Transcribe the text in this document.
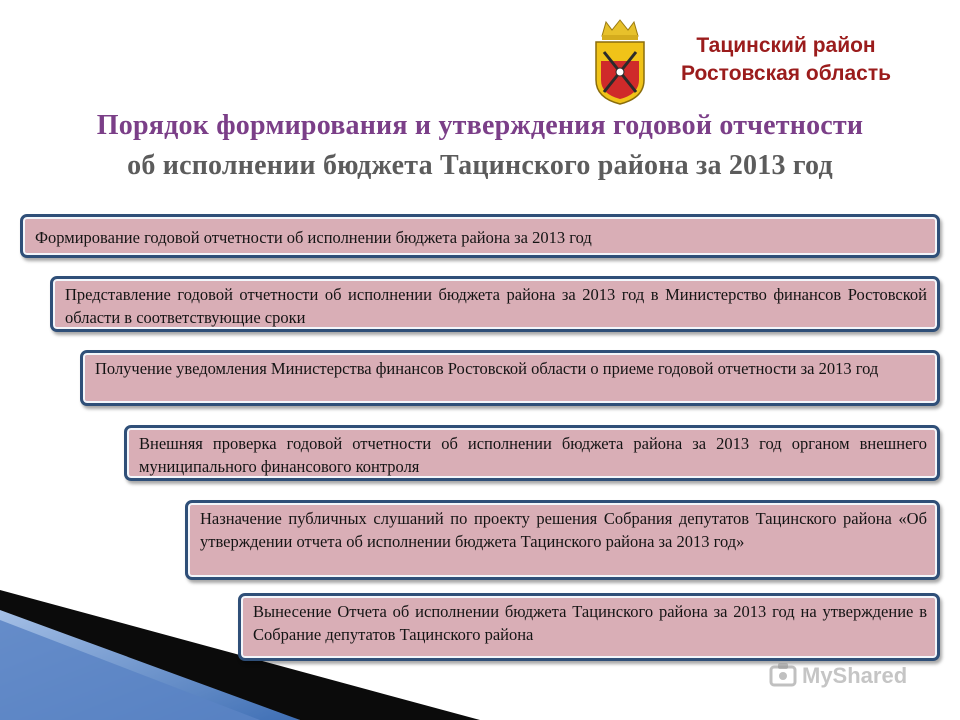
Тацинский район
Ростовская область
Порядок формирования и утверждения годовой отчетности
об исполнении бюджета Тацинского района за 2013 год
Формирование годовой отчетности об исполнении бюджета района за 2013 год
Представление годовой отчетности об исполнении бюджета района за 2013 год в Министерство финансов Ростовской области в соответствующие сроки
Получение уведомления Министерства финансов Ростовской области о приеме годовой отчетности за 2013 год
Внешняя проверка годовой отчетности об исполнении бюджета района за 2013 год органом внешнего муниципального финансового контроля
Назначение публичных слушаний по проекту решения Собрания депутатов Тацинского района «Об утверждении отчета об исполнении бюджета Тацинского района за 2013 год»
Вынесение Отчета об исполнении бюджета Тацинского района за 2013 год на утверждение в Собрание депутатов Тацинского района
MyShared
